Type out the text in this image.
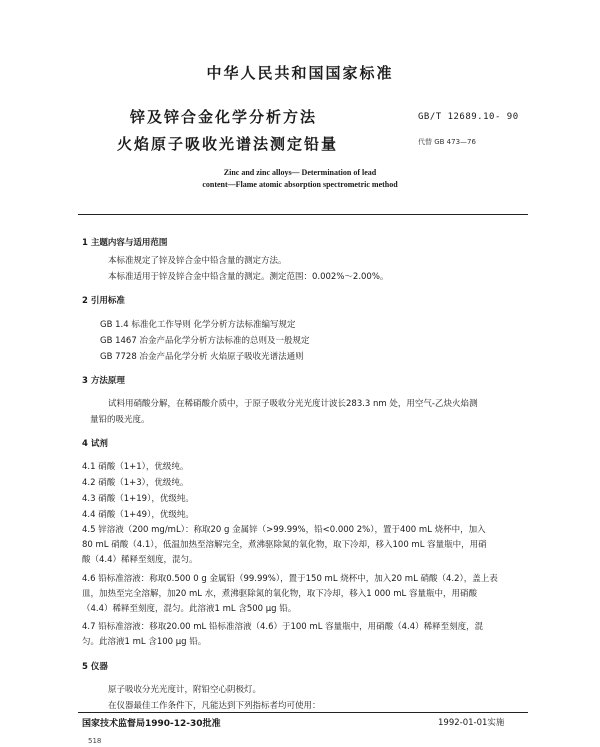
中华人民共和国国家标准
锌及锌合金化学分析方法
火焰原子吸收光谱法测定铅量
GB/T 12689.10- 90
代替 GB 473—76
Zinc and zinc alloys— Determination of lead
content—Flame atomic absorption spectrometric method
1 主题内容与适用范围
本标准规定了锌及锌合金中铅含量的测定方法。
本标准适用于锌及锌合金中铅含量的测定。测定范围：0.002%～2.00%。
2 引用标准
GB 1.4 标准化工作导则 化学分析方法标准编写规定
GB 1467 冶金产品化学分析方法标准的总则及一般规定
GB 7728 冶金产品化学分析 火焰原子吸收光谱法通则
3 方法原理
试料用硝酸分解，在稀硝酸介质中，于原子吸收分光光度计波长283.3 nm 处，用空气-乙炔火焰测
量铅的吸光度。
4 试剂
4.1 硝酸（1+1），优级纯。
4.2 硝酸（1+3），优级纯。
4.3 硝酸（1+19），优级纯。
4.4 硝酸（1+49），优级纯。
4.5 锌溶液（200 mg/mL）：称取20 g 金属锌（>99.99%，铅<0.000 2%），置于400 mL 烧杯中，加入
80 mL 硝酸（4.1），低温加热至溶解完全，煮沸驱除氮的氧化物，取下冷却，移入100 mL 容量瓶中，用硝
酸（4.4）稀释至刻度，混匀。
4.6 铅标准溶液：称取0.500 0 g 金属铅（99.99%），置于150 mL 烧杯中，加入20 mL 硝酸（4.2），盖上表
皿，加热至完全溶解，加20 mL 水，煮沸驱除氮的氧化物，取下冷却，移入1 000 mL 容量瓶中，用硝酸
（4.4）稀释至刻度，混匀。此溶液1 mL 含500 μg 铅。
4.7 铅标准溶液：移取20.00 mL 铅标准溶液（4.6）于100 mL 容量瓶中，用硝酸（4.4）稀释至刻度，混
匀。此溶液1 mL 含100 μg 铅。
5 仪器
原子吸收分光光度计，附铅空心阴极灯。
在仪器最佳工作条件下，凡能达到下列指标者均可使用：
国家技术监督局1990-12-30批准	1992-01-01实施
518
